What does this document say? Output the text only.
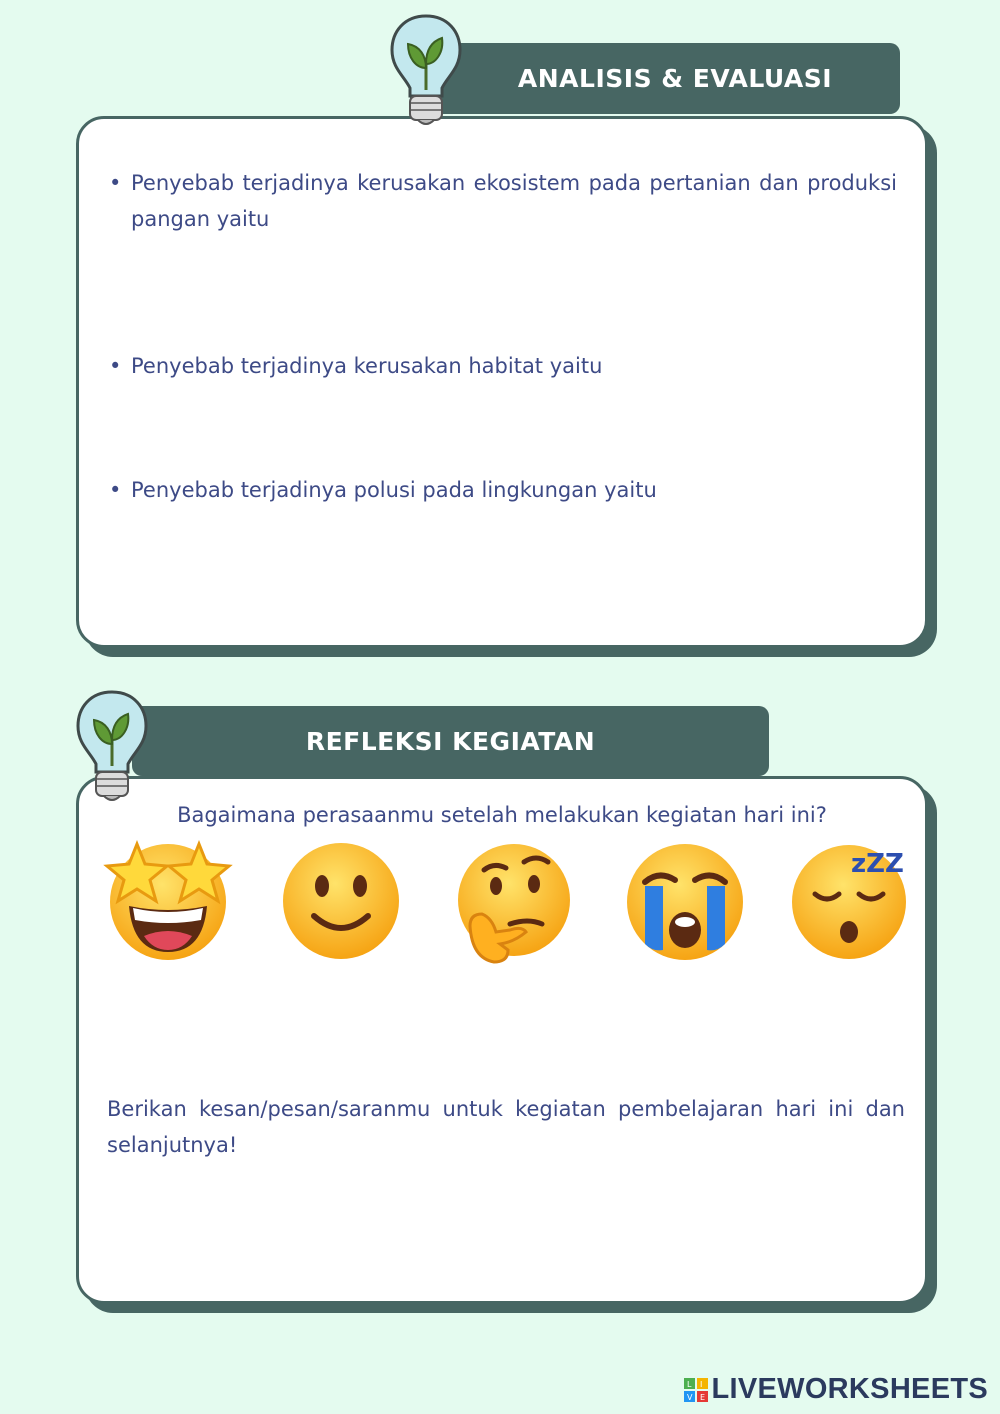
ANALISIS & EVALUASI
• Penyebab terjadinya kerusakan ekosistem pada pertanian dan produksi pangan yaitu
• Penyebab terjadinya kerusakan habitat yaitu
• Penyebab terjadinya polusi pada lingkungan yaitu
REFLEKSI KEGIATAN
Bagaimana perasaanmu setelah melakukan kegiatan hari ini?
Berikan kesan/pesan/saranmu untuk kegiatan pembelajaran hari ini dan selanjutnya!
zZZ
L I
V E LIVEWORKSHEETS
